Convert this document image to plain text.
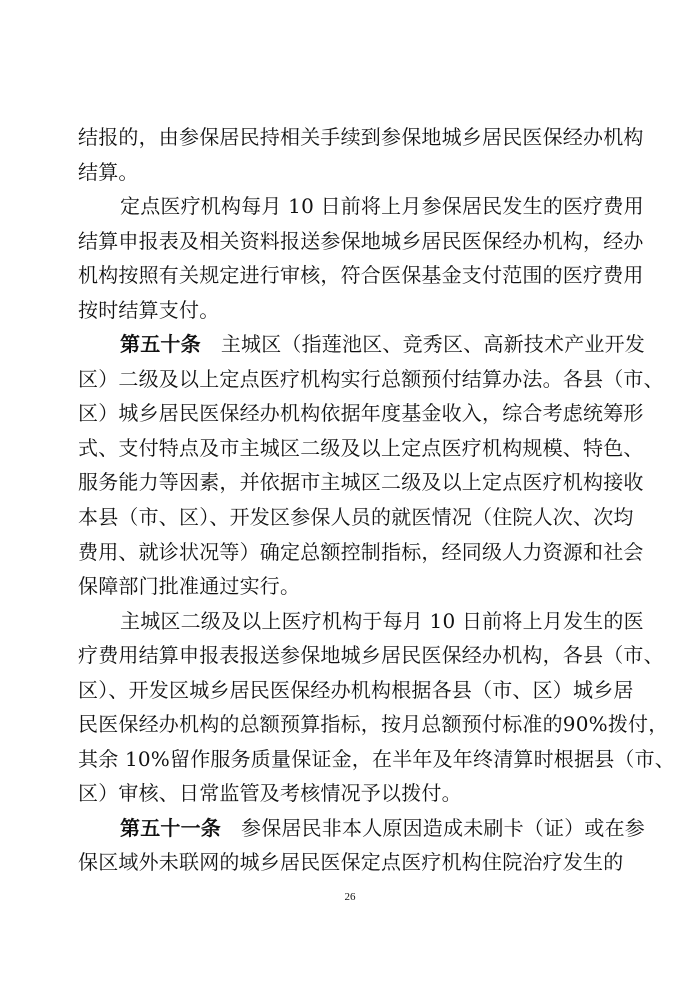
结报的，由参保居民持相关手续到参保地城乡居民医保经办机构
结算。
定点医疗机构每月 10 日前将上月参保居民发生的医疗费用
结算申报表及相关资料报送参保地城乡居民医保经办机构，经办
机构按照有关规定进行审核，符合医保基金支付范围的医疗费用
按时结算支付。
第五十条 主城区（指莲池区、竞秀区、高新技术产业开发
区）二级及以上定点医疗机构实行总额预付结算办法。各县（市、
区）城乡居民医保经办机构依据年度基金收入，综合考虑统筹形
式、支付特点及市主城区二级及以上定点医疗机构规模、特色、
服务能力等因素，并依据市主城区二级及以上定点医疗机构接收
本县（市、区）、开发区参保人员的就医情况（住院人次、次均
费用、就诊状况等）确定总额控制指标，经同级人力资源和社会
保障部门批准通过实行。
主城区二级及以上医疗机构于每月 10 日前将上月发生的医
疗费用结算申报表报送参保地城乡居民医保经办机构，各县（市、
区）、开发区城乡居民医保经办机构根据各县（市、区）城乡居
民医保经办机构的总额预算指标，按月总额预付标准的90%拨付，
其余 10%留作服务质量保证金，在半年及年终清算时根据县（市、
区）审核、日常监管及考核情况予以拨付。
第五十一条 参保居民非本人原因造成未刷卡（证）或在参
保区域外未联网的城乡居民医保定点医疗机构住院治疗发生的
26
